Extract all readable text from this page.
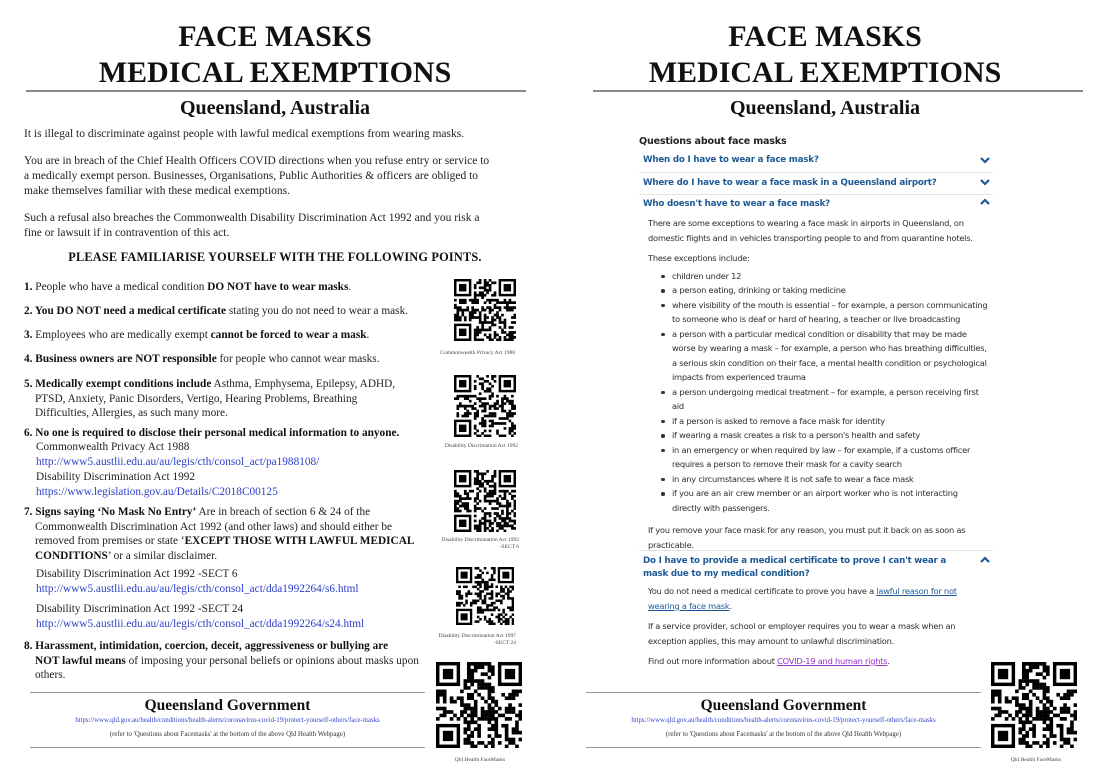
FACE MASKS
MEDICAL EXEMPTIONS
Queensland, Australia

It is illegal to discriminate against people with lawful medical exemptions from wearing masks.

You are in breach of the Chief Health Officers COVID directions when you refuse entry or service to a medically exempt person. Businesses, Organisations, Public Authorities & officers are obliged to make themselves familiar with these medical exemptions.

Such a refusal also breaches the Commonwealth Disability Discrimination Act 1992 and you risk a fine or lawsuit if in contravention of this act.

PLEASE FAMILIARISE YOURSELF WITH THE FOLLOWING POINTS.
1. People who have a medical condition DO NOT have to wear masks.
2. You DO NOT need a medical certificate stating you do not need to wear a mask.
3. Employees who are medically exempt cannot be forced to wear a mask.
4. Business owners are NOT responsible for people who cannot wear masks.
5. Medically exempt conditions include Asthma, Emphysema, Epilepsy, ADHD, PTSD, Anxiety, Panic Disorders, Vertigo, Hearing Problems, Breathing Difficulties, Allergies, as such many more.
6. No one is required to disclose their personal medical information to anyone.
Commonwealth Privacy Act 1988
http://www5.austlii.edu.au/au/legis/cth/consol_act/pa1988108/
Disability Discrimination Act 1992
https://www.legislation.gov.au/Details/C2018C00125
7. Signs saying ‘No Mask No Entry’ Are in breach of section 6 & 24 of the Commonwealth Discrimination Act 1992 (and other laws) and should either be removed from premises or state ‘EXCEPT THOSE WITH LAWFUL MEDICAL CONDITIONS’ or a similar disclaimer.
Disability Discrimination Act 1992 -SECT 6
http://www5.austlii.edu.au/au/legis/cth/consol_act/dda1992264/s6.html
Disability Discrimination Act 1992 -SECT 24
http://www5.austlii.edu.au/au/legis/cth/consol_act/dda1992264/s24.html
8. Harassment, intimidation, coercion, deceit, aggressiveness or bullying are
NOT lawful means of imposing your personal beliefs or opinions about masks upon others.
Commonwealth Privacy Act 1988
Disability Discrimation Act 1992
Disability Discrimination Act 1992
-SECT 6
Disability Discrimination Act 1997
-SECT 24
Queensland Government
https://www.qld.gov.au/health/conditions/health-alerts/coronavirus-covid-19/protect-yourself-others/face-masks
(refer to 'Questions about Facemasks' at the bottom of the above Qld Health Webpage)
Qld Health FaceMasks
FACE MASKS
MEDICAL EXEMPTIONS
Queensland, Australia
Questions about face masks
When do I have to wear a face mask?
Where do I have to wear a face mask in a Queensland airport?
Who doesn't have to wear a face mask?

There are some exceptions to wearing a face mask in airports in Queensland, on domestic flights and in vehicles transporting people to and from quarantine hotels.

These exceptions include:

children under 12
a person eating, drinking or taking medicine
where visibility of the mouth is essential – for example, a person communicating to someone who is deaf or hard of hearing, a teacher or live broadcasting
a person with a particular medical condition or disability that may be made worse by wearing a mask – for example, a person who has breathing difficulties, a serious skin condition on their face, a mental health condition or psychological impacts from experienced trauma
a person undergoing medical treatment – for example, a person receiving first aid
if a person is asked to remove a face mask for identity
if wearing a mask creates a risk to a person's health and safety
in an emergency or when required by law – for example, if a customs officer requires a person to remove their mask for a cavity search
in any circumstances where it is not safe to wear a face mask
if you are an air crew member or an airport worker who is not interacting directly with passengers.

If you remove your face mask for any reason, you must put it back on as soon as practicable.

Do I have to provide a medical certificate to prove I can't wear a mask due to my medical condition?

You do not need a medical certificate to prove you have a lawful reason for not wearing a face mask.

If a service provider, school or employer requires you to wear a mask when an exception applies, this may amount to unlawful discrimination.

Find out more information about COVID-19 and human rights.

Queensland Government
https://www.qld.gov.au/health/conditions/health-alerts/coronavirus-covid-19/protect-yourself-others/face-masks
(refer to 'Questions about Facemasks' at the bottom of the above Qld Health Webpage)
Qld Health FaceMasks
